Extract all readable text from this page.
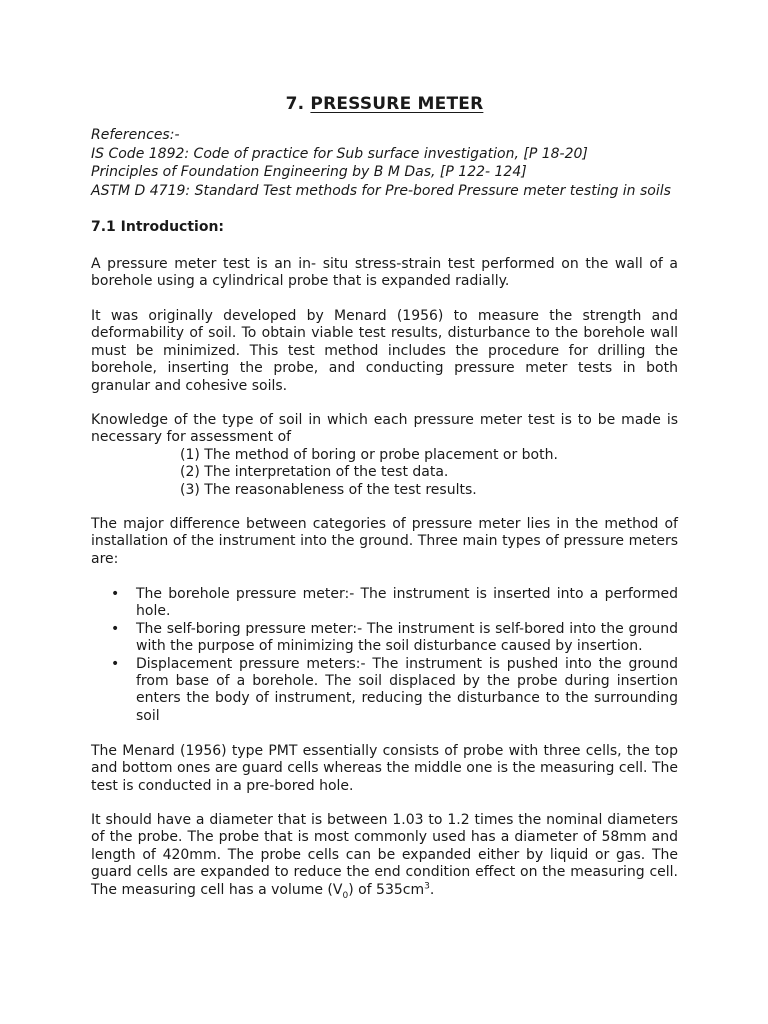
7. PRESSURE METER
References:-
IS Code 1892: Code of practice for Sub surface investigation, [P 18-20]
Principles of Foundation Engineering by B M Das, [P 122- 124]
ASTM D 4719: Standard Test methods for Pre-bored Pressure meter testing in soils
7.1 Introduction:
A pressure meter test is an in- situ stress-strain test performed on the wall of a borehole using a cylindrical probe that is expanded radially.
It was originally developed by Menard (1956) to measure the strength and deformability of soil. To obtain viable test results, disturbance to the borehole wall must be minimized. This test method includes the procedure for drilling the borehole, inserting the probe, and conducting pressure meter tests in both granular and cohesive soils.
Knowledge of the type of soil in which each pressure meter test is to be made is necessary for assessment of
(1) The method of boring or probe placement or both.
(2) The interpretation of the test data.
(3) The reasonableness of the test results.
The major difference between categories of pressure meter lies in the method of installation of the instrument into the ground. Three main types of pressure meters are:
• The borehole pressure meter:- The instrument is inserted into a performed hole.
• The self-boring pressure meter:- The instrument is self-bored into the ground with the purpose of minimizing the soil disturbance caused by insertion.
• Displacement pressure meters:- The instrument is pushed into the ground from base of a borehole. The soil displaced by the probe during insertion enters the body of instrument, reducing the disturbance to the surrounding soil
The Menard (1956) type PMT essentially consists of probe with three cells, the top and bottom ones are guard cells whereas the middle one is the measuring cell. The test is conducted in a pre-bored hole.
It should have a diameter that is between 1.03 to 1.2 times the nominal diameters of the probe. The probe that is most commonly used has a diameter of 58mm and length of 420mm. The probe cells can be expanded either by liquid or gas. The guard cells are expanded to reduce the end condition effect on the measuring cell. The measuring cell has a volume $(V_0)$ of $535cm^3$.
